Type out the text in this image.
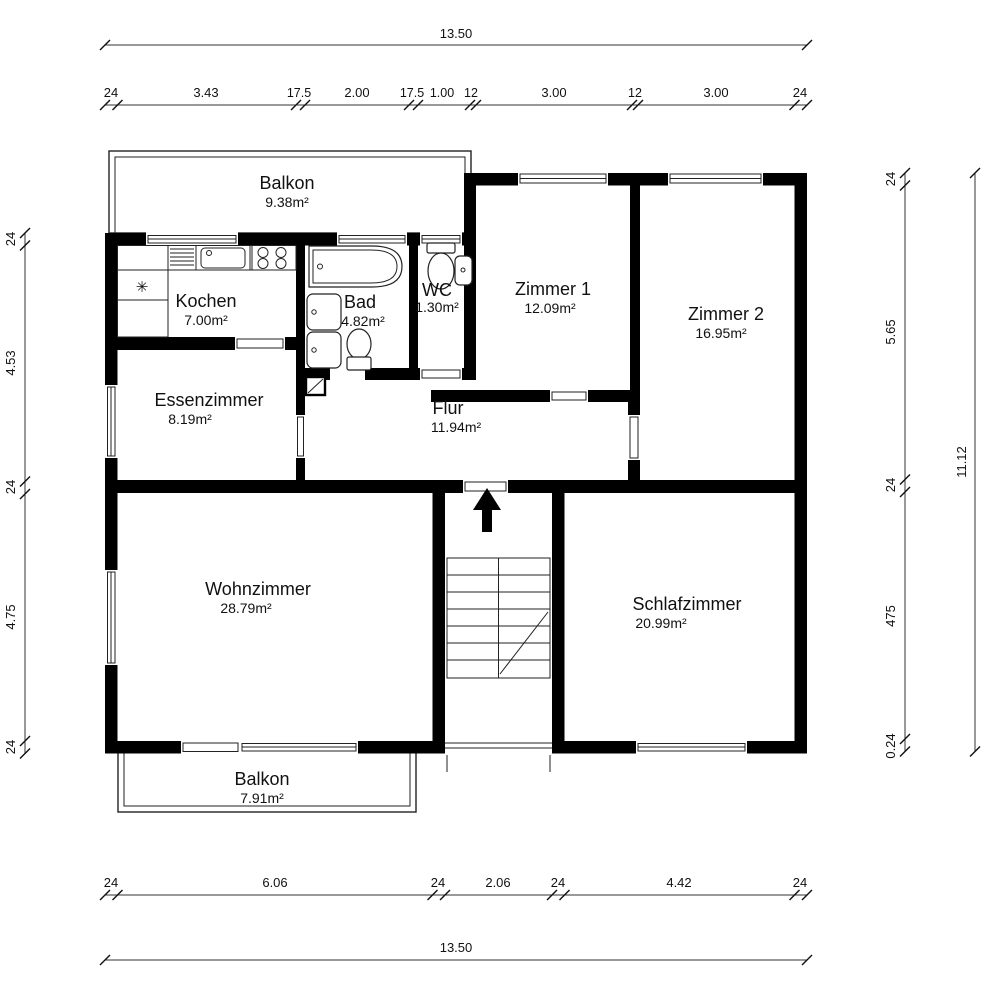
✳
Balkon
9.38m²
Kochen
7.00m²
Bad
4.82m²
WC
1.30m²
Zimmer 1
12.09m²	Zimmer 2
16.95m²
Essenzimmer
8.19m²
Flur
11.94m²
Wohnzimmer
28.79m²	Schlafzimmer
20.99m²
Balkon
7.91m²
13.50
24	3.43	17.5	2.00 17.5 1.00 12	3.00	12	3.00	24
24	6.06	24	2.06	24	4.42	24
13.50
24
4.53
24
4.75
24
24
5.65
24
475
0.24
11.12
